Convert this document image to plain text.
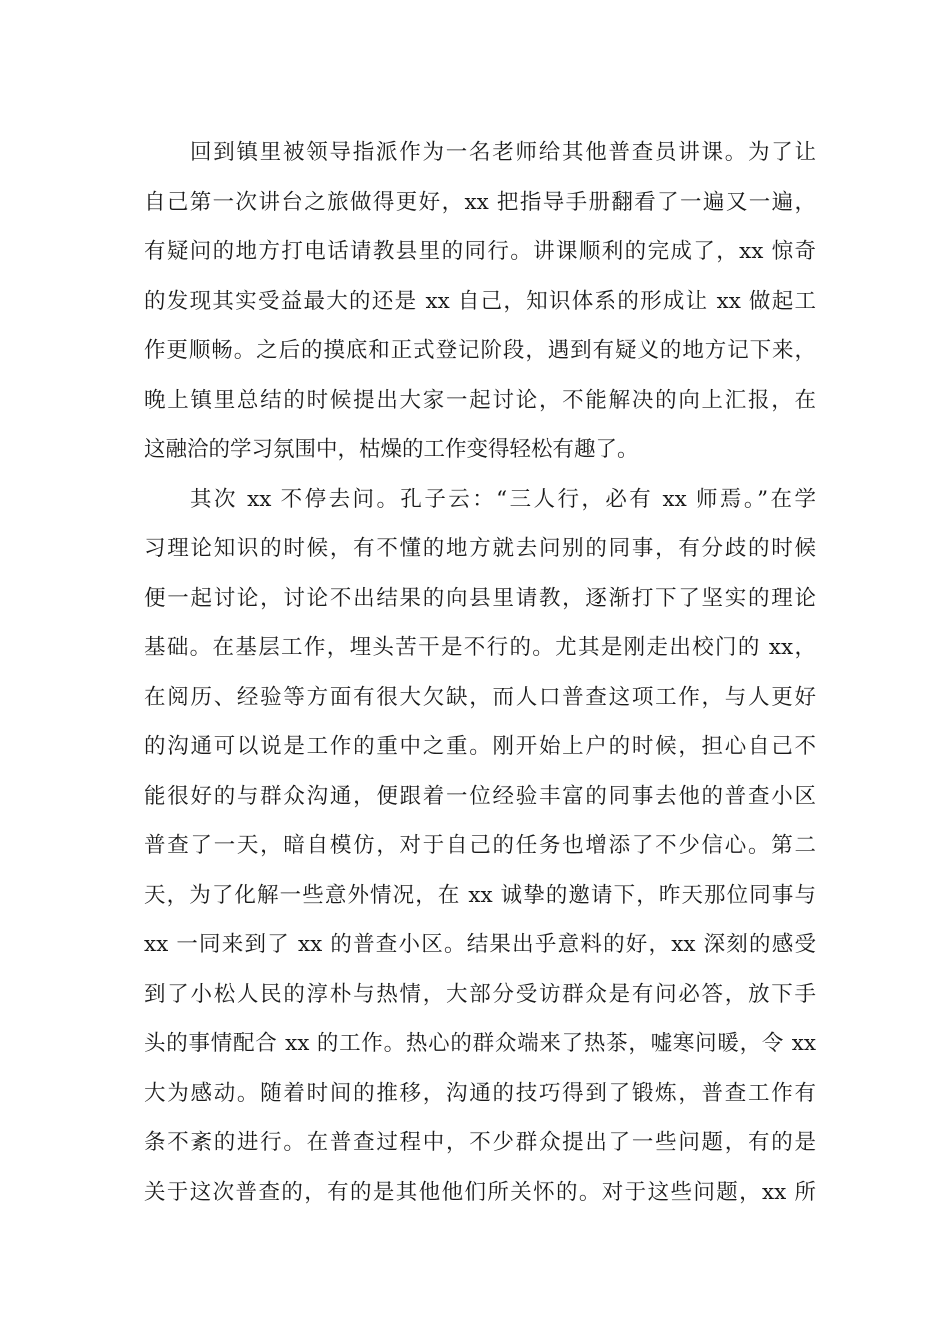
回到镇里被领导指派作为一名老师给其他普查员讲课。为了让
自己第一次讲台之旅做得更好，xx 把指导手册翻看了一遍又一遍，
有疑问的地方打电话请教县里的同行。讲课顺利的完成了，xx 惊奇
的发现其实受益最大的还是 xx 自己，知识体系的形成让 xx 做起工
作更顺畅。之后的摸底和正式登记阶段，遇到有疑义的地方记下来，
晚上镇里总结的时候提出大家一起讨论，不能解决的向上汇报，在
这融洽的学习氛围中，枯燥的工作变得轻松有趣了。
其次 xx 不停去问。孔子云：“三人行，必有 xx 师焉。”在学
习理论知识的时候，有不懂的地方就去问别的同事，有分歧的时候
便一起讨论，讨论不出结果的向县里请教，逐渐打下了坚实的理论
基础。在基层工作，埋头苦干是不行的。尤其是刚走出校门的 xx，
在阅历、经验等方面有很大欠缺，而人口普查这项工作，与人更好
的沟通可以说是工作的重中之重。刚开始上户的时候，担心自己不
能很好的与群众沟通，便跟着一位经验丰富的同事去他的普查小区
普查了一天，暗自模仿，对于自己的任务也增添了不少信心。第二
天，为了化解一些意外情况，在 xx 诚挚的邀请下，昨天那位同事与
xx 一同来到了 xx 的普查小区。结果出乎意料的好，xx 深刻的感受
到了小松人民的淳朴与热情，大部分受访群众是有问必答，放下手
头的事情配合 xx 的工作。热心的群众端来了热茶，嘘寒问暖，令 xx
大为感动。随着时间的推移，沟通的技巧得到了锻炼，普查工作有
条不紊的进行。在普查过程中，不少群众提出了一些问题，有的是
关于这次普查的，有的是其他他们所关怀的。对于这些问题，xx 所
